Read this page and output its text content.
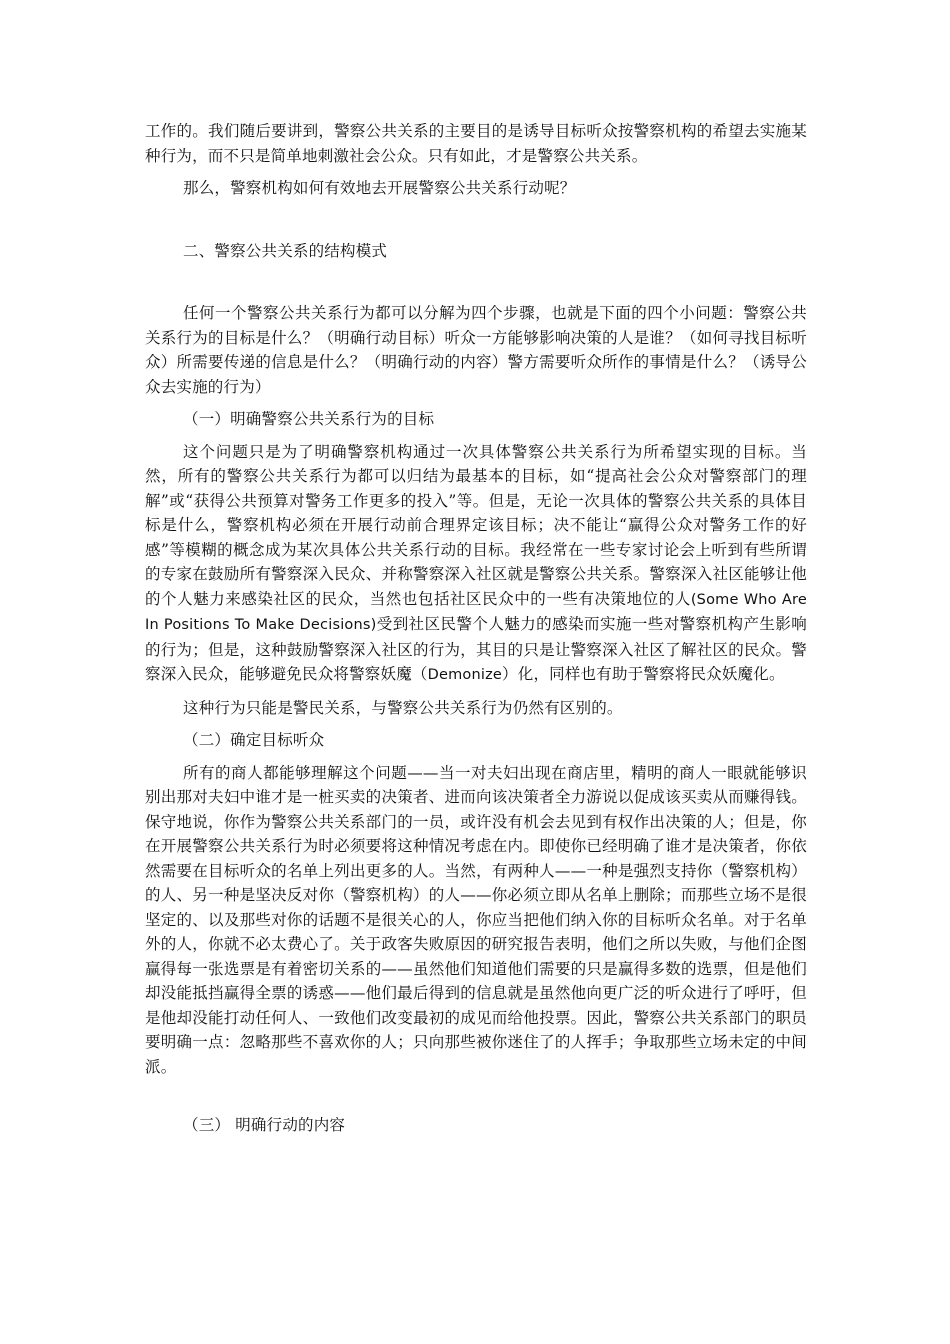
工作的。我们随后要讲到，警察公共关系的主要目的是诱导目标听众按警察机构的希望去实施某种行为，而不只是简单地刺激社会公众。只有如此，才是警察公共关系。

那么，警察机构如何有效地去开展警察公共关系行动呢？

二、警察公共关系的结构模式

任何一个警察公共关系行为都可以分解为四个步骤，也就是下面的四个小问题：警察公共关系行为的目标是什么？（明确行动目标）听众一方能够影响决策的人是谁？（如何寻找目标听众）所需要传递的信息是什么？（明确行动的内容）警方需要听众所作的事情是什么？（诱导公众去实施的行为）

（一）明确警察公共关系行为的目标

这个问题只是为了明确警察机构通过一次具体警察公共关系行为所希望实现的目标。当然，所有的警察公共关系行为都可以归结为最基本的目标，如“提高社会公众对警察部门的理解”或“获得公共预算对警务工作更多的投入”等。但是，无论一次具体的警察公共关系的具体目标是什么，警察机构必须在开展行动前合理界定该目标；决不能让“赢得公众对警务工作的好感”等模糊的概念成为某次具体公共关系行动的目标。我经常在一些专家讨论会上听到有些所谓的专家在鼓励所有警察深入民众、并称警察深入社区就是警察公共关系。警察深入社区能够让他的个人魅力来感染社区的民众，当然也包括社区民众中的一些有决策地位的人(Some Who Are In Positions To Make Decisions)受到社区民警个人魅力的感染而实施一些对警察机构产生影响的行为；但是，这种鼓励警察深入社区的行为，其目的只是让警察深入社区了解社区的民众。警察深入民众，能够避免民众将警察妖魔（Demonize）化，同样也有助于警察将民众妖魔化。

这种行为只能是警民关系，与警察公共关系行为仍然有区别的。

（二）确定目标听众

所有的商人都能够理解这个问题——当一对夫妇出现在商店里，精明的商人一眼就能够识别出那对夫妇中谁才是一桩买卖的决策者、进而向该决策者全力游说以促成该买卖从而赚得钱。保守地说，你作为警察公共关系部门的一员，或许没有机会去见到有权作出决策的人；但是，你在开展警察公共关系行为时必须要将这种情况考虑在内。即使你已经明确了谁才是决策者，你依然需要在目标听众的名单上列出更多的人。当然，有两种人——一种是强烈支持你（警察机构）的人、另一种是坚决反对你（警察机构）的人——你必须立即从名单上删除；而那些立场不是很坚定的、以及那些对你的话题不是很关心的人，你应当把他们纳入你的目标听众名单。对于名单外的人，你就不必太费心了。关于政客失败原因的研究报告表明，他们之所以失败，与他们企图赢得每一张选票是有着密切关系的——虽然他们知道他们需要的只是赢得多数的选票，但是他们却没能抵挡赢得全票的诱惑——他们最后得到的信息就是虽然他向更广泛的听众进行了呼吁，但是他却没能打动任何人、一致他们改变最初的成见而给他投票。因此，警察公共关系部门的职员要明确一点：忽略那些不喜欢你的人；只向那些被你迷住了的人挥手；争取那些立场未定的中间派。

（三） 明确行动的内容
